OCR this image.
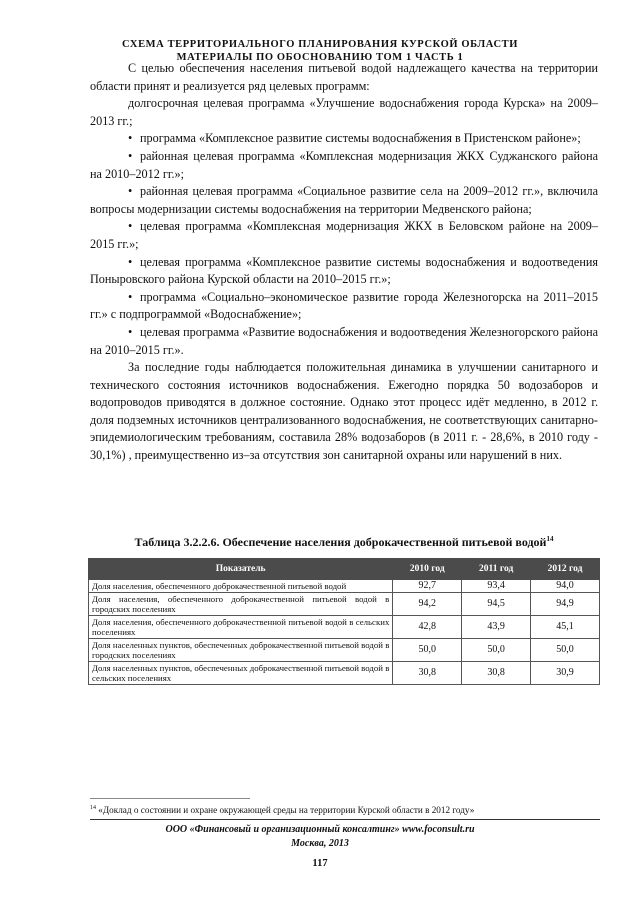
СХЕМА ТЕРРИТОРИАЛЬНОГО ПЛАНИРОВАНИЯ КУРСКОЙ ОБЛАСТИ
МАТЕРИАЛЫ ПО ОБОСНОВАНИЮ ТОМ 1 ЧАСТЬ 1

С целью обеспечения населения питьевой водой надлежащего качества на территории области принят и реализуется ряд целевых программ:

долгосрочная целевая программа «Улучшение водоснабжения города Курска» на 2009–2013 гг.;

• программа «Комплексное развитие системы водоснабжения в Пристенском районе»;

• районная целевая программа «Комплексная модернизация ЖКХ Суджанского района на 2010–2012 гг.»;

• районная целевая программа «Социальное развитие села на 2009–2012 гг.», включила вопросы модернизации системы водоснабжения на территории Медвенского района;

• целевая программа «Комплексная модернизация ЖКХ в Беловском районе на 2009–2015 гг.»;

• целевая программа «Комплексное развитие системы водоснабжения и водоотведения Поныровского района Курской области на 2010–2015 гг.»;

• программа «Социально–экономическое развитие города Железногорска на 2011–2015 гг.» с подпрограммой «Водоснабжение»;

• целевая программа «Развитие водоснабжения и водоотведения Железногорского района на 2010–2015 гг.».

За последние годы наблюдается положительная динамика в улучшении санитарного и технического состояния источников водоснабжения. Ежегодно порядка 50 водозаборов и водопроводов приводятся в должное состояние. Однако этот процесс идёт медленно, в 2012 г. доля подземных источников централизованного водоснабжения, не соответствующих санитарно-эпидемиологическим требованиям, составила 28% водозаборов (в 2011 г. - 28,6%, в 2010 году - 30,1%) , преимущественно из–за отсутствия зон санитарной охраны или нарушений в них.

Таблица 3.2.2.6. Обеспечение населения доброкачественной питьевой водой$^{14}$
Показатель	2010 год	2011 год	2012 год
Доля населения, обеспеченного доброкачественной питьевой водой	92,7	93,4	94,0
Доля населения, обеспеченного доброкачественной питьевой водой в городских поселениях	94,2	94,5	94,9
Доля населения, обеспеченного доброкачественной питьевой водой в сельских поселениях	42,8	43,9	45,1
Доля населенных пунктов, обеспеченных доброкачественной питьевой водой в городских поселениях	50,0	50,0	50,0
Доля населенных пунктов, обеспеченных доброкачественной питьевой водой в сельских поселениях	30,8	30,8	30,9
$^{14}$ «Доклад о состоянии и охране окружающей среды на территории Курской области в 2012 году»
ООО «Финансовый и организационный консалтинг» www.foconsult.ru
Москва, 2013
117
